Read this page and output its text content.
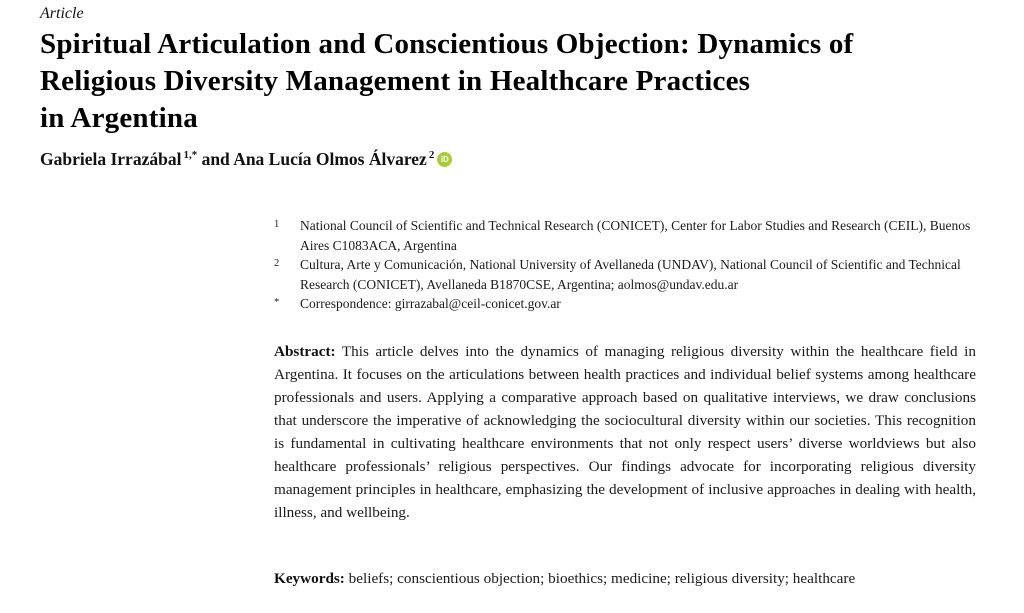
Article
Spiritual Articulation and Conscientious Objection: Dynamics of
Religious Diversity Management in Healthcare Practices
in Argentina
Gabriela Irrazábal $^{1,*}$ and Ana Lucía Olmos Álvarez $^2$ iD
1	National Council of Scientific and Technical Research (CONICET), Center for Labor Studies and Research (CEIL), Buenos Aires C1083ACA, Argentina
2	Cultura, Arte y Comunicación, National University of Avellaneda (UNDAV), National Council of Scientific and Technical Research (CONICET), Avellaneda B1870CSE, Argentina; aolmos@undav.edu.ar
*	Correspondence: girrazabal@ceil-conicet.gov.ar
Abstract: This article delves into the dynamics of managing religious diversity within the healthcare field in Argentina. It focuses on the articulations between health practices and individual belief systems among healthcare professionals and users. Applying a comparative approach based on qualitative interviews, we draw conclusions that underscore the imperative of acknowledging the sociocultural diversity within our societies. This recognition is fundamental in cultivating healthcare environments that not only respect users’ diverse worldviews but also healthcare professionals’ religious perspectives. Our findings advocate for incorporating religious diversity management principles in healthcare, emphasizing the development of inclusive approaches in dealing with health, illness, and wellbeing.
Keywords: beliefs; conscientious objection; bioethics; medicine; religious diversity; healthcare
